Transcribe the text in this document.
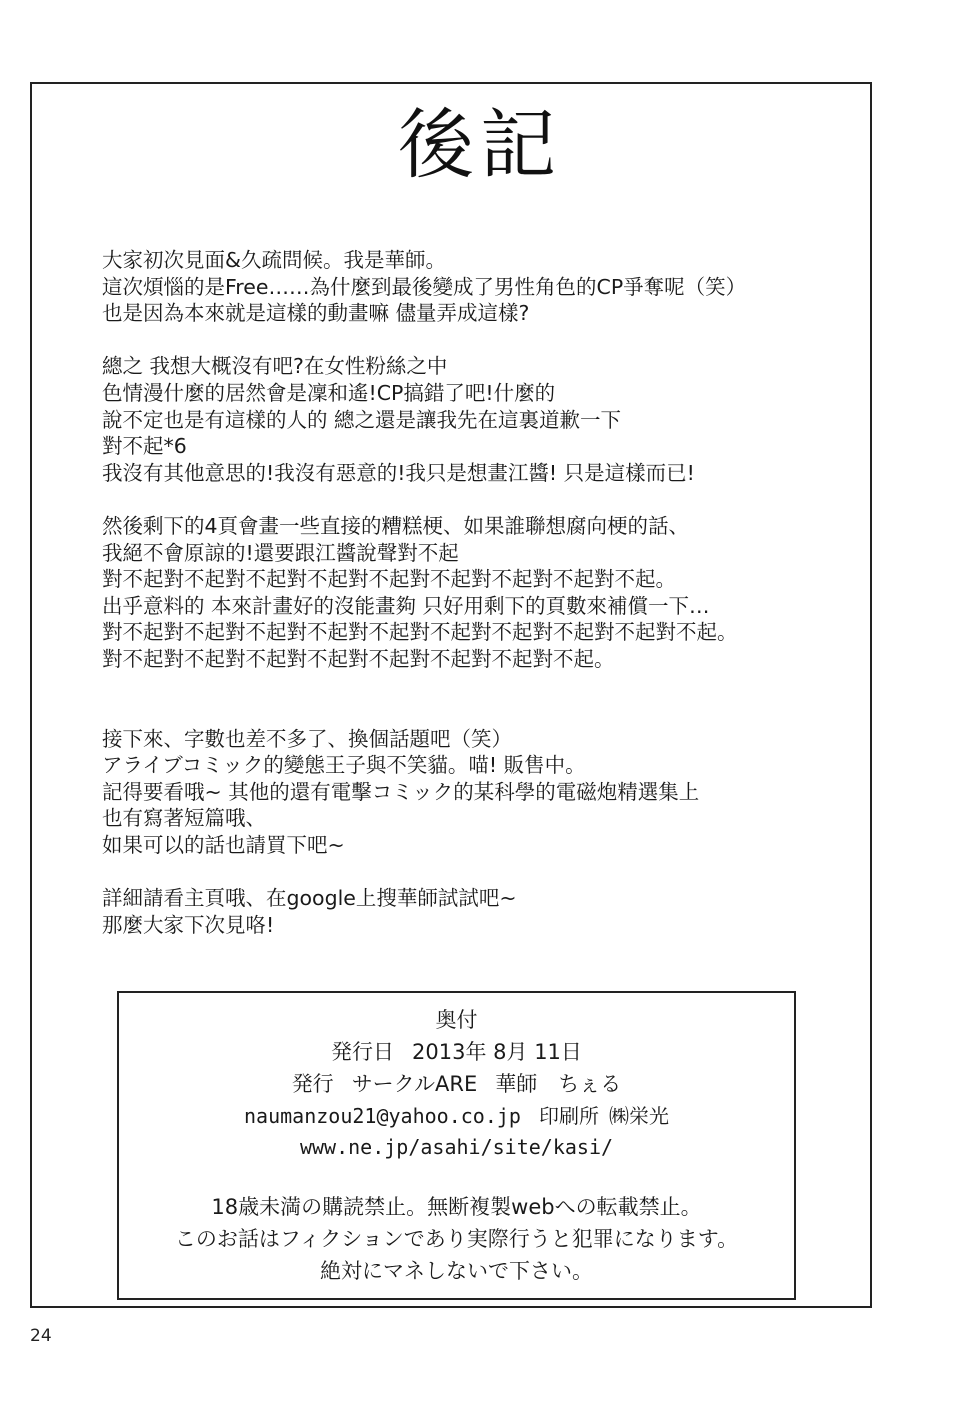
後記
大家初次見面&久疏問候。我是華師。
這次煩惱的是Free……為什麼到最後變成了男性角色的CP爭奪呢（笑）
也是因為本來就是這樣的動畫嘛 儘量弄成這樣?
總之 我想大概沒有吧?在女性粉絲之中
色情漫什麼的居然會是凜和遙!CP搞錯了吧!什麼的
說不定也是有這樣的人的 總之還是讓我先在這裏道歉一下
對不起*6
我沒有其他意思的!我沒有惡意的!我只是想畫江醬! 只是這樣而已!
然後剩下的4頁會畫一些直接的糟糕梗、如果誰聯想腐向梗的話、
我絕不會原諒的!還要跟江醬說聲對不起
對不起對不起對不起對不起對不起對不起對不起對不起對不起。
出乎意料的 本來計畫好的沒能畫夠 只好用剩下的頁數來補償一下…
對不起對不起對不起對不起對不起對不起對不起對不起對不起對不起。
對不起對不起對不起對不起對不起對不起對不起對不起。
接下來、字數也差不多了、換個話題吧（笑）
アライブコミック的變態王子與不笑貓。喵! 販售中。
記得要看哦~ 其他的還有電擊コミック的某科學的電磁炮精選集上
也有寫著短篇哦、
如果可以的話也請買下吧~
詳細請看主頁哦、在google上搜華師試試吧~
那麼大家下次見咯!
奥付
発行日 2013年 8月 11日
発行 サークルARE 華師　ちぇる
naumanzou21@yahoo.co.jp 印刷所 ㈱栄光
www.ne.jp/asahi/site/kasi/
18歳未満の購読禁止。無断複製webへの転載禁止。
このお話はフィクションであり実際行うと犯罪になります。
絶対にマネしないで下さい。
24
